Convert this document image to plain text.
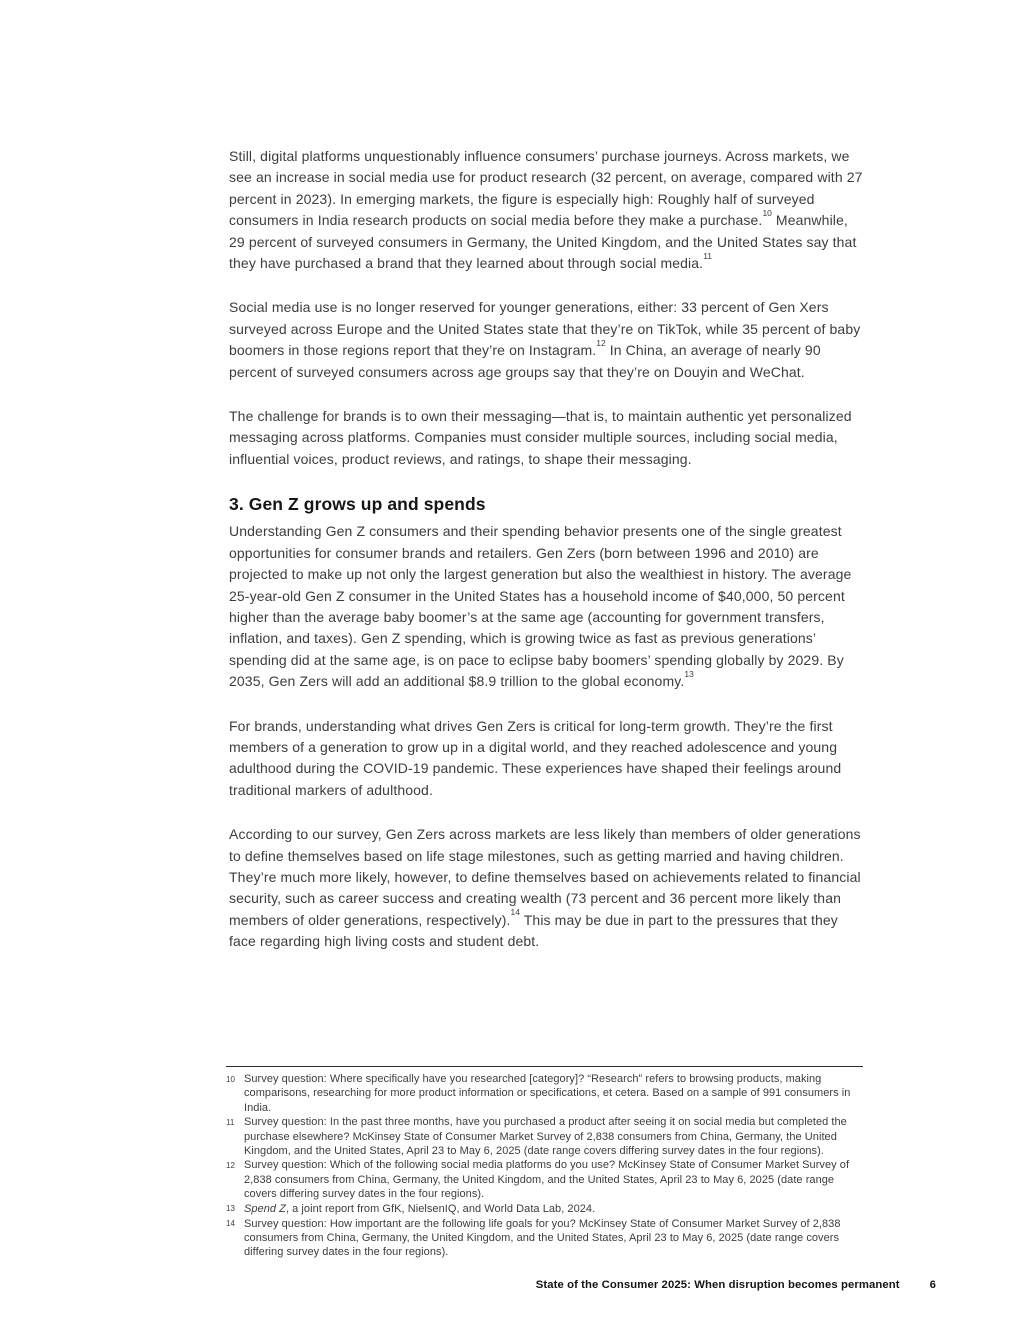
Still, digital platforms unquestionably influence consumers’ purchase journeys. Across markets, we see an increase in social media use for product research (32 percent, on average, compared with 27 percent in 2023). In emerging markets, the figure is especially high: Roughly half of surveyed consumers in India research products on social media before they make a purchase.$^{10}$ Meanwhile, 29 percent of surveyed consumers in Germany, the United Kingdom, and the United States say that they have purchased a brand that they learned about through social media.$^{11}$

Social media use is no longer reserved for younger generations, either: 33 percent of Gen Xers surveyed across Europe and the United States state that they’re on TikTok, while 35 percent of baby boomers in those regions report that they’re on Instagram.$^{12}$ In China, an average of nearly 90 percent of surveyed consumers across age groups say that they’re on Douyin and WeChat.

The challenge for brands is to own their messaging—that is, to maintain authentic yet personalized messaging across platforms. Companies must consider multiple sources, including social media, influential voices, product reviews, and ratings, to shape their messaging.

3. Gen Z grows up and spends

Understanding Gen Z consumers and their spending behavior presents one of the single greatest opportunities for consumer brands and retailers. Gen Zers (born between 1996 and 2010) are projected to make up not only the largest generation but also the wealthiest in history. The average 25-year-old Gen Z consumer in the United States has a household income of $40,000, 50 percent higher than the average baby boomer’s at the same age (accounting for government transfers, inflation, and taxes). Gen Z spending, which is growing twice as fast as previous generations’ spending did at the same age, is on pace to eclipse baby boomers’ spending globally by 2029. By 2035, Gen Zers will add an additional $8.9 trillion to the global economy.$^{13}$

For brands, understanding what drives Gen Zers is critical for long-term growth. They’re the first members of a generation to grow up in a digital world, and they reached adolescence and young adulthood during the COVID-19 pandemic. These experiences have shaped their feelings around traditional markers of adulthood.

According to our survey, Gen Zers across markets are less likely than members of older generations to define themselves based on life stage milestones, such as getting married and having children. They’re much more likely, however, to define themselves based on achievements related to financial security, such as career success and creating wealth (73 percent and 36 percent more likely than members of older generations, respectively).$^{14}$ This may be due in part to the pressures that they face regarding high living costs and student debt.

10 Survey question: Where specifically have you researched [category]? “Research” refers to browsing products, making comparisons, researching for more product information or specifications, et cetera. Based on a sample of 991 consumers in India.
11 Survey question: In the past three months, have you purchased a product after seeing it on social media but completed the purchase elsewhere? McKinsey State of Consumer Market Survey of 2,838 consumers from China, Germany, the United Kingdom, and the United States, April 23 to May 6, 2025 (date range covers differing survey dates in the four regions).
12 Survey question: Which of the following social media platforms do you use? McKinsey State of Consumer Market Survey of 2,838 consumers from China, Germany, the United Kingdom, and the United States, April 23 to May 6, 2025 (date range covers differing survey dates in the four regions).
13 Spend Z, a joint report from GfK, NielsenIQ, and World Data Lab, 2024.
14 Survey question: How important are the following life goals for you? McKinsey State of Consumer Market Survey of 2,838 consumers from China, Germany, the United Kingdom, and the United States, April 23 to May 6, 2025 (date range covers differing survey dates in the four regions).
State of the Consumer 2025: When disruption becomes permanent	6
